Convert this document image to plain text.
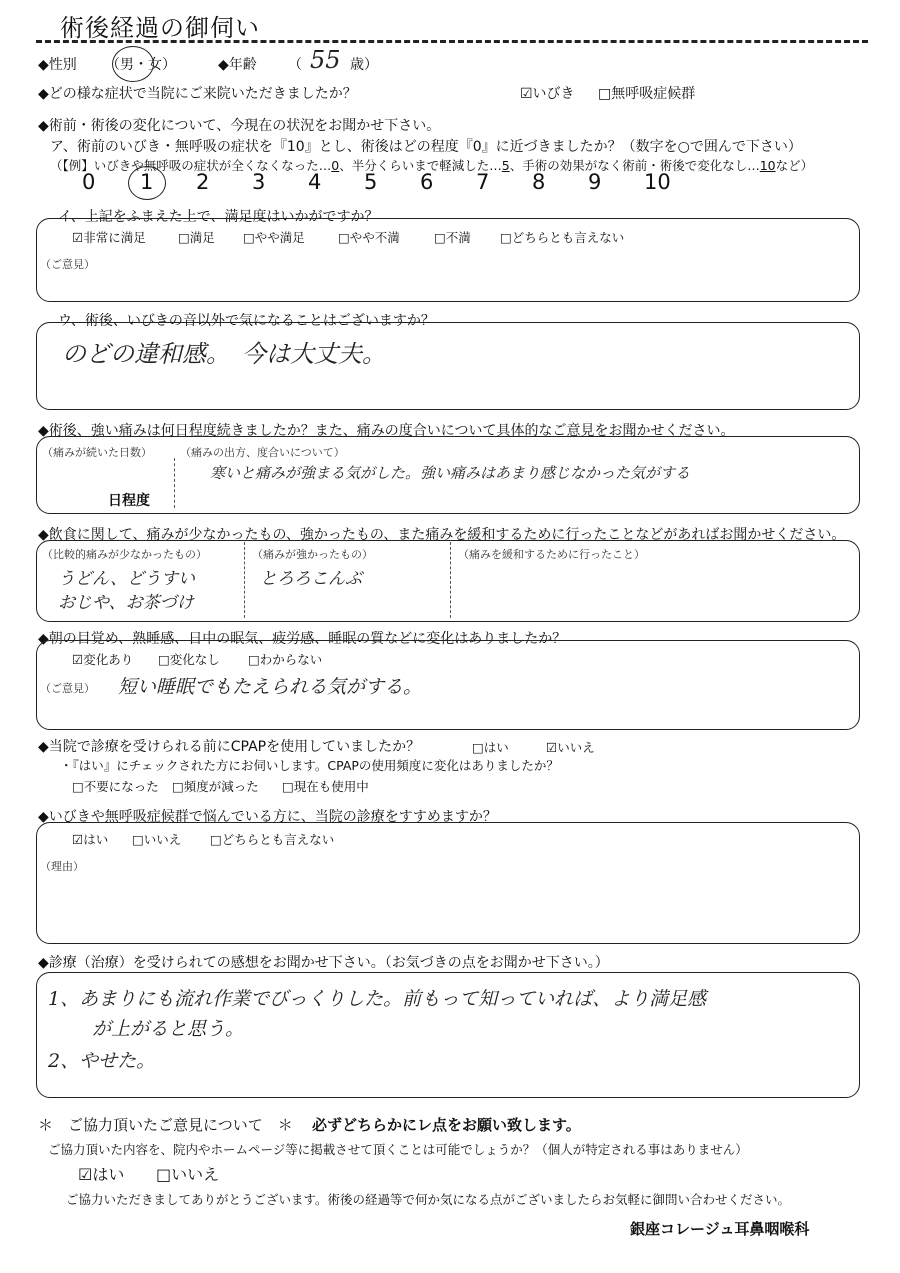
術後経過の御伺い
◆性別 （男・女）	◆年齢 （ 55 歳）
◆どの様な症状で当院にご来院いただきましたか？	☑いびき □無呼吸症候群
◆術前・術後の変化について、今現在の状況をお聞かせ下さい。
ア、術前のいびき・無呼吸の症状を『10』とし、術後はどの程度『0』に近づきましたか？（数字を○で囲んで下さい）
（【例】いびきや無呼吸の症状が全くなくなった…0、半分くらいまで軽減した…5、手術の効果がなく術前・術後で変化なし…10など）
0 1 2 3 4 5 6 7 8 9 10
イ、上記をふまえた上で、満足度はいかがですか？
☑非常に満足	□満足 □やや満足	□やや不満	□不満 □どちらとも言えない
（ご意見）
ウ、術後、いびきの音以外で気になることはございますか？
のどの違和感。　今は大丈夫。
◆術後、強い痛みは何日程度続きましたか？また、痛みの度合いについて具体的なご意見をお聞かせください。
（痛みが続いた日数）
日程度
（痛みの出方、度合いについて）
寒いと痛みが強まる気がした。強い痛みはあまり感じなかった気がする
◆飲食に関して、痛みが少なかったもの、強かったもの、また痛みを緩和するために行ったことなどがあればお聞かせください。
（比較的痛みが少なかったもの）
うどん、どうすい
おじや、お茶づけ
（痛みが強かったもの）
とろろこんぶ
（痛みを緩和するために行ったこと）
◆朝の目覚め、熟睡感、日中の眠気、疲労感、睡眠の質などに変化はありましたか？
☑変化あり □変化なし □わからない
（ご意見） 短い睡眠でもたえられる気がする。
◆当院で診療を受けられる前にCPAPを使用していましたか？	□はい	☑いいえ
・『はい』にチェックされた方にお伺いします。CPAPの使用頻度に変化はありましたか？
□不要になった □頻度が減った □現在も使用中
◆いびきや無呼吸症候群で悩んでいる方に、当院の診療をすすめますか？
☑はい □いいえ □どちらとも言えない
（理由）
◆診療（治療）を受けられての感想をお聞かせ下さい。（お気づきの点をお聞かせ下さい。）
1、あまりにも流れ作業でびっくりした。前もって知っていれば、より満足感
が上がると思う。
2、やせた。
＊　ご協力頂いたご意見について　＊ 必ずどちらかにレ点をお願い致します。
ご協力頂いた内容を、院内やホームページ等に掲載させて頂くことは可能でしょうか？（個人が特定される事はありません）
☑はい □いいえ
ご協力いただきましてありがとうございます。術後の経過等で何か気になる点がございましたらお気軽に御問い合わせください。
銀座コレージュ耳鼻咽喉科
